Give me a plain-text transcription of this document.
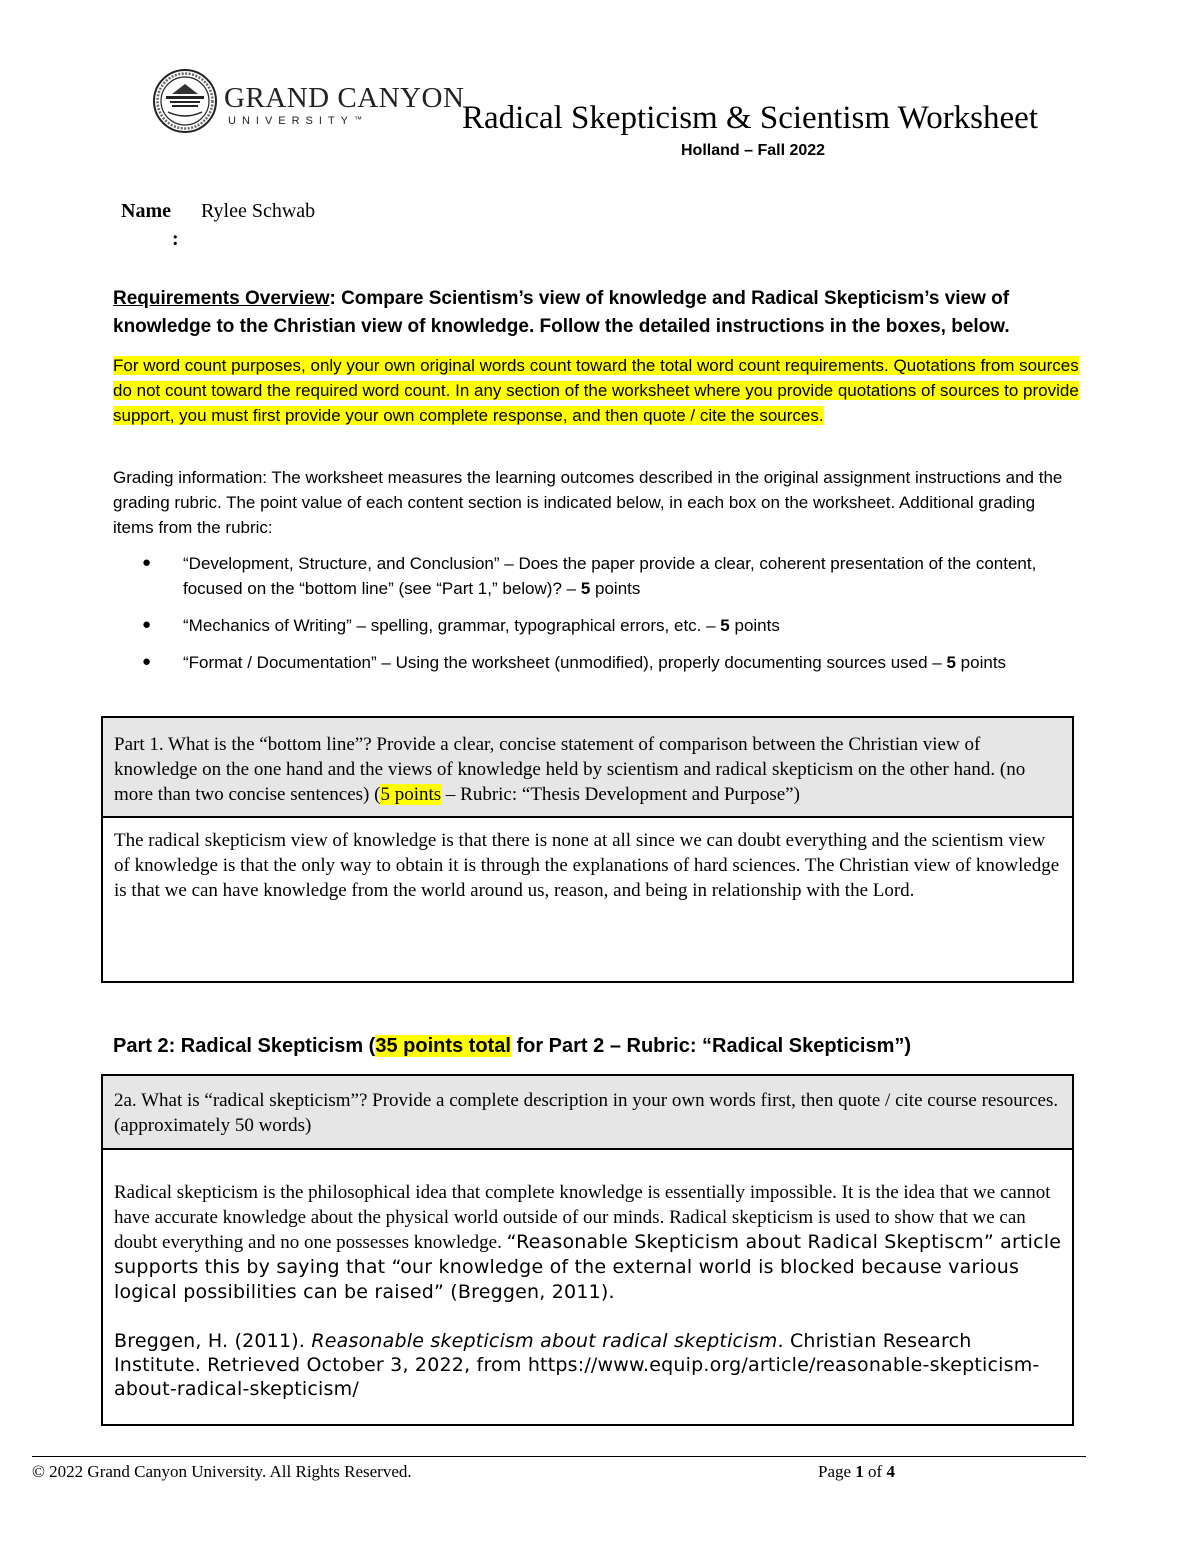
GRAND CANYON
UNIVERSITY™	Radical Skepticism & Scientism Worksheet
Holland – Fall 2022
Name
:
Rylee Schwab
Requirements Overview: Compare Scientism’s view of knowledge and Radical Skepticism’s view of knowledge to the Christian view of knowledge. Follow the detailed instructions in the boxes, below.
For word count purposes, only your own original words count toward the total word count requirements. Quotations from sources do not count toward the required word count. In any section of the worksheet where you provide quotations of sources to provide support, you must first provide your own complete response, and then quote / cite the sources.
Grading information: The worksheet measures the learning outcomes described in the original assignment instructions and the grading rubric. The point value of each content section is indicated below, in each box on the worksheet. Additional grading items from the rubric:
● “Development, Structure, and Conclusion” – Does the paper provide a clear, coherent presentation of the content, focused on the “bottom line” (see “Part 1,” below)? – 5 points
● “Mechanics of Writing” – spelling, grammar, typographical errors, etc. – 5 points
● “Format / Documentation” – Using the worksheet (unmodified), properly documenting sources used – 5 points
Part 1. What is the “bottom line”? Provide a clear, concise statement of comparison between the Christian view of knowledge on the one hand and the views of knowledge held by scientism and radical skepticism on the other hand. (no more than two concise sentences) (5 points – Rubric: “Thesis Development and Purpose”)
The radical skepticism view of knowledge is that there is none at all since we can doubt everything and the scientism view of knowledge is that the only way to obtain it is through the explanations of hard sciences. The Christian view of knowledge is that we can have knowledge from the world around us, reason, and being in relationship with the Lord.
Part 2: Radical Skepticism (35 points total for Part 2 – Rubric: “Radical Skepticism”)
2a. What is “radical skepticism”? Provide a complete description in your own words first, then quote / cite course resources. (approximately 50 words)
Radical skepticism is the philosophical idea that complete knowledge is essentially impossible. It is the idea that we cannot have accurate knowledge about the physical world outside of our minds. Radical skepticism is used to show that we can doubt everything and no one possesses knowledge. “Reasonable Skepticism about Radical Skeptiscm” article supports this by saying that “our knowledge of the external world is blocked because various logical possibilities can be raised” (Breggen, 2011).
Breggen, H. (2011). Reasonable skepticism about radical skepticism. Christian Research Institute. Retrieved October 3, 2022, from https://www.equip.org/article/reasonable-skepticism-about-radical-skepticism/
© 2022 Grand Canyon University. All Rights Reserved.	Page 1 of 4
